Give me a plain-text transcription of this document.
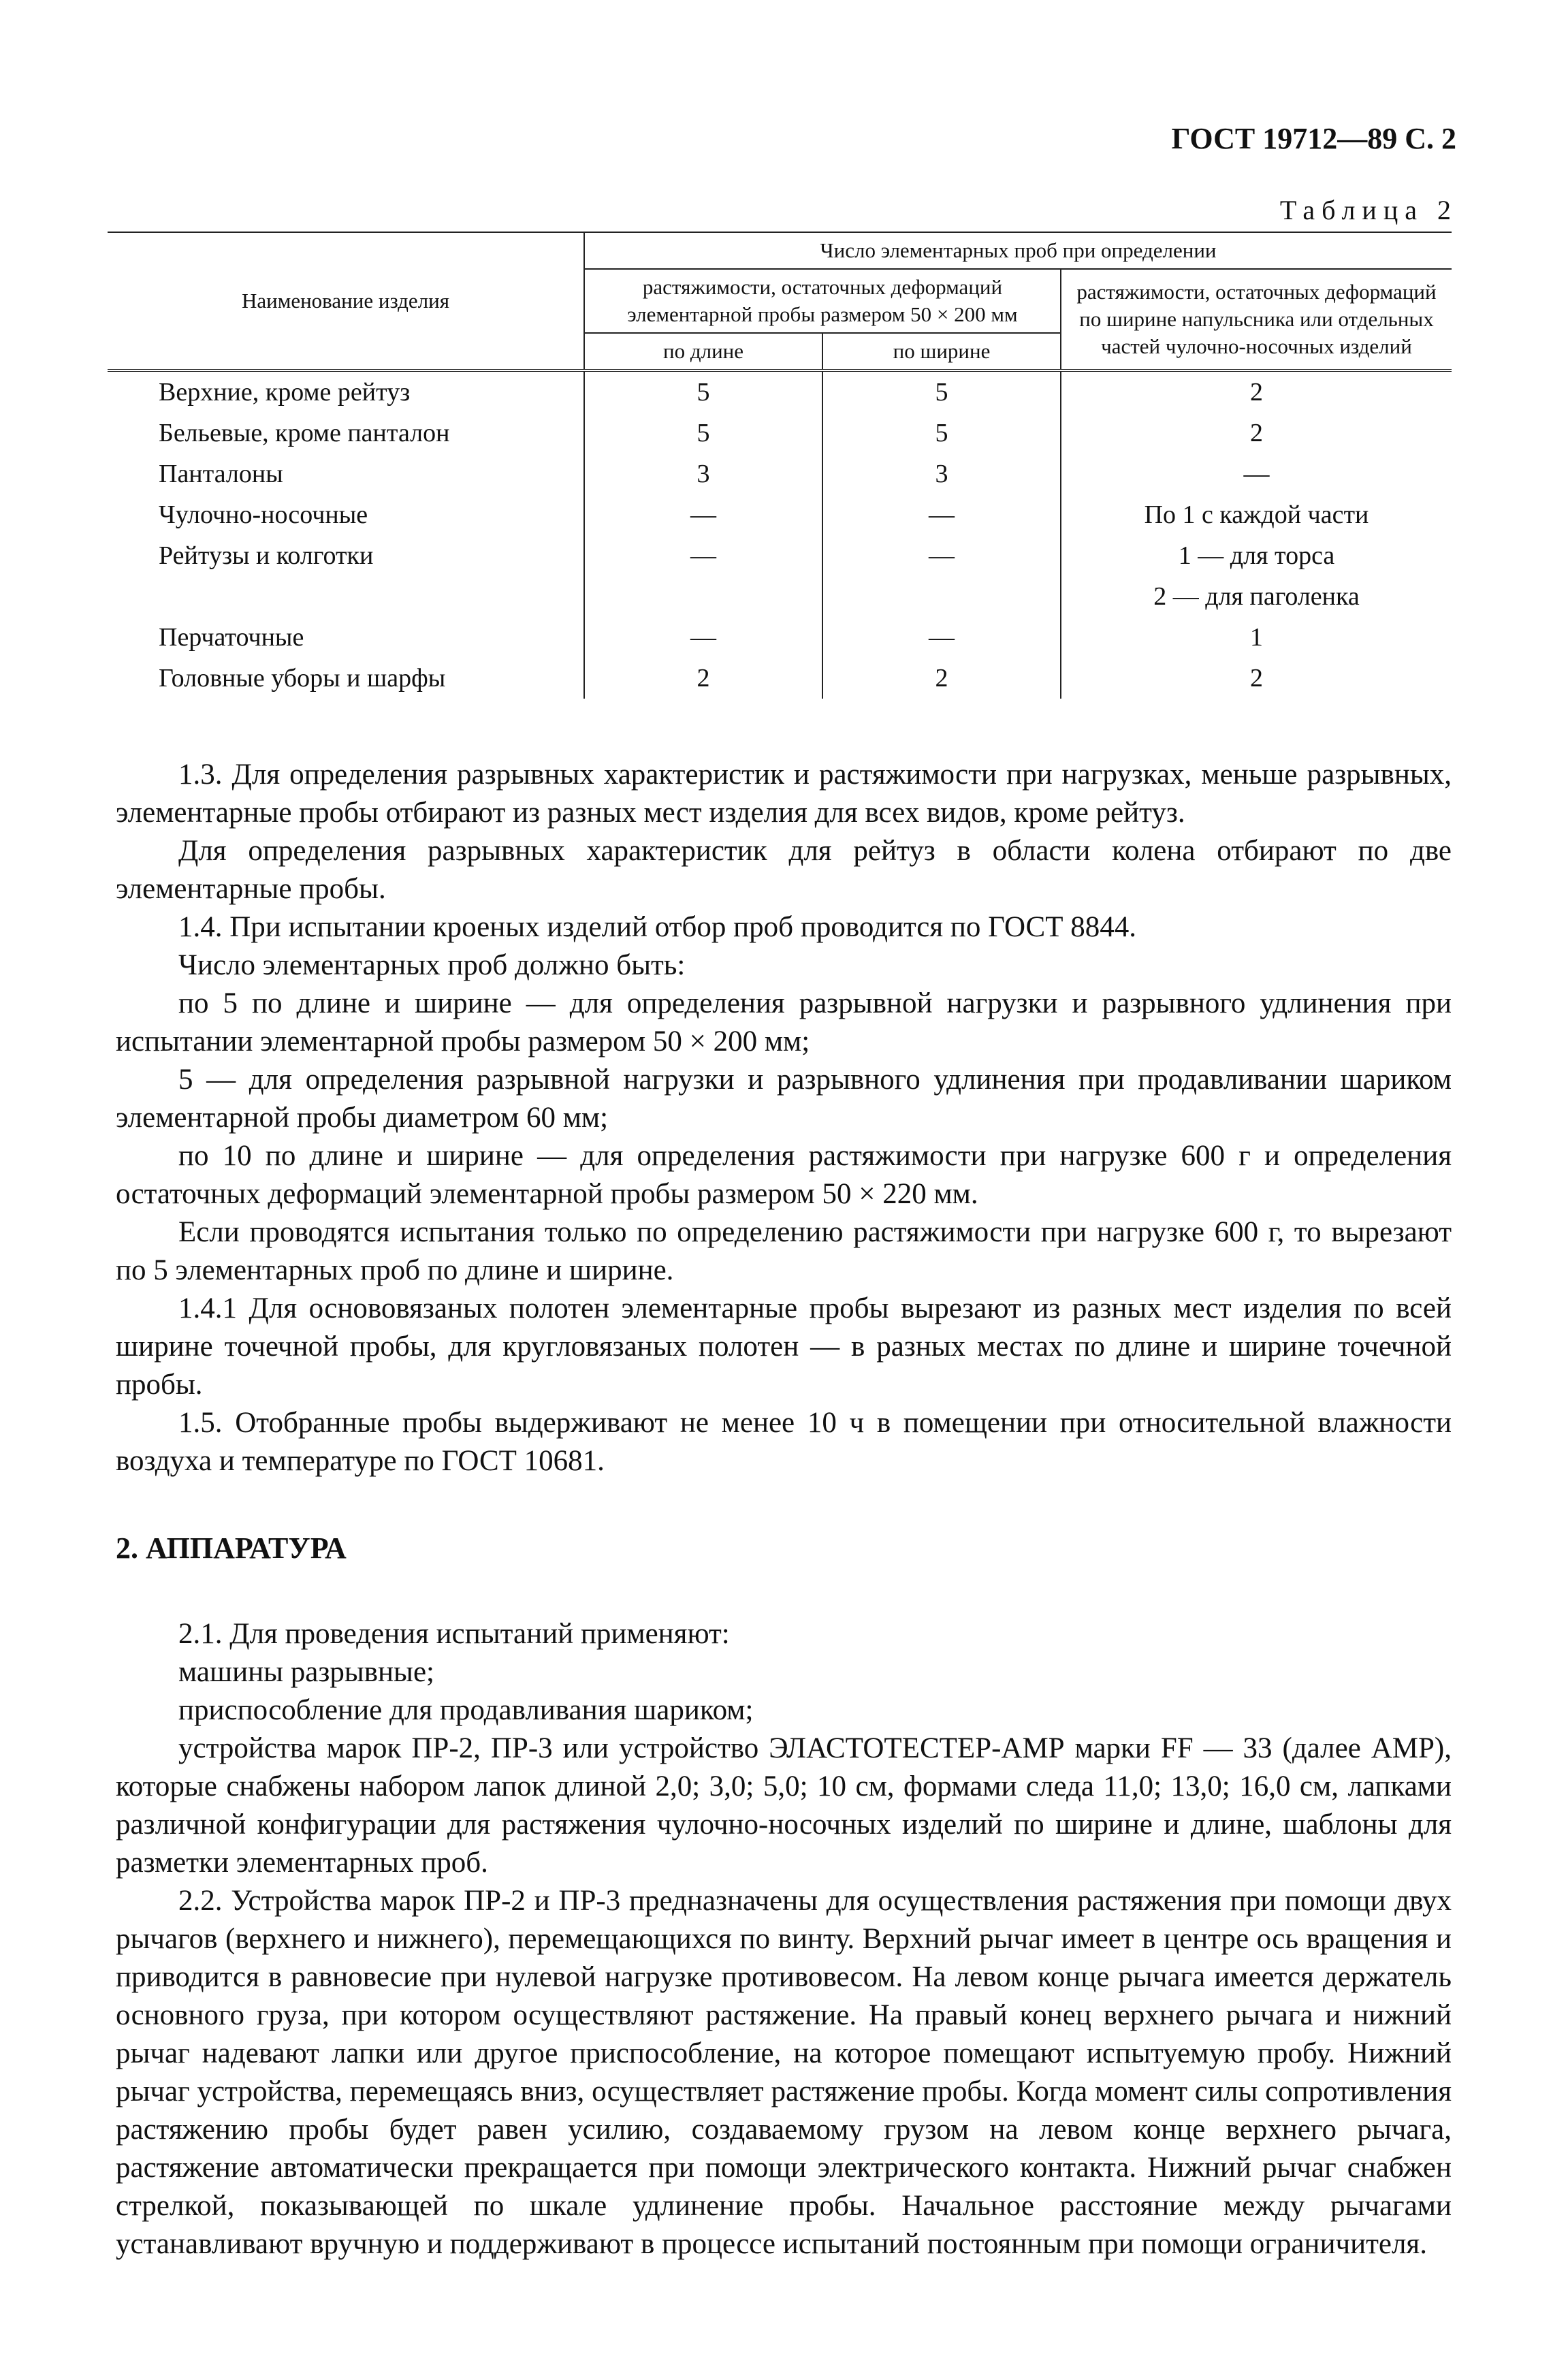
ГОСТ 19712—89 С. 2
Таблица 2
Наименование изделия	Число элементарных проб при определении		
	растяжимости, остаточных деформаций элементарной пробы размером 50 × 200 мм		растяжимости, остаточных деформаций по ширине напульсника или отдельных частей чулочно-носочных изделий
	по длине	по ширине	
Верхние, кроме рейтуз	5	5	2
Бельевые, кроме панталон	5	5	2
Панталоны	3	3	—
Чулочно-носочные	—	—	По 1 с каждой части
Рейтузы и колготки	—	—	1 — для торса
			2 — для паголенка
Перчаточные	—	—	1
Головные уборы и шарфы	2	2	2

1.3. Для определения разрывных характеристик и растяжимости при нагрузках, меньше разрывных, элементарные пробы отбирают из разных мест изделия для всех видов, кроме рейтуз.

Для определения разрывных характеристик для рейтуз в области колена отбирают по две элементарные пробы.

1.4. При испытании кроеных изделий отбор проб проводится по ГОСТ 8844.

Число элементарных проб должно быть:

по 5 по длине и ширине — для определения разрывной нагрузки и разрывного удлинения при испытании элементарной пробы размером 50 × 200 мм;

5 — для определения разрывной нагрузки и разрывного удлинения при продавливании шариком элементарной пробы диаметром 60 мм;

по 10 по длине и ширине — для определения растяжимости при нагрузке 600 г и определения остаточных деформаций элементарной пробы размером 50 × 220 мм.

Если проводятся испытания только по определению растяжимости при нагрузке 600 г, то вырезают по 5 элементарных проб по длине и ширине.

1.4.1 Для основовязаных полотен элементарные пробы вырезают из разных мест изделия по всей ширине точечной пробы, для кругловязаных полотен — в разных местах по длине и ширине точечной пробы.

1.5. Отобранные пробы выдерживают не менее 10 ч в помещении при относительной влажности воздуха и температуре по ГОСТ 10681.

2. АППАРАТУРА

2.1. Для проведения испытаний применяют:

машины разрывные;

приспособление для продавливания шариком;

устройства марок ПР-2, ПР-3 или устройство ЭЛАСТОТЕСТЕР-АМР марки FF — 33 (далее АМР), которые снабжены набором лапок длиной 2,0; 3,0; 5,0; 10 см, формами следа 11,0; 13,0; 16,0 см, лапками различной конфигурации для растяжения чулочно-носочных изделий по ширине и длине, шаблоны для разметки элементарных проб.

2.2. Устройства марок ПР-2 и ПР-3 предназначены для осуществления растяжения при помощи двух рычагов (верхнего и нижнего), перемещающихся по винту. Верхний рычаг имеет в центре ось вращения и приводится в равновесие при нулевой нагрузке противовесом. На левом конце рычага имеется держатель основного груза, при котором осуществляют растяжение. На правый конец верхнего рычага и нижний рычаг надевают лапки или другое приспособление, на которое помещают испытуемую пробу. Нижний рычаг устройства, перемещаясь вниз, осуществляет растяжение пробы. Когда момент силы сопротивления растяжению пробы будет равен усилию, создаваемому грузом на левом конце верхнего рычага, растяжение автоматически прекращается при помощи электрического контакта. Нижний рычаг снабжен стрелкой, показывающей по шкале удлинение пробы. Начальное расстояние между рычагами устанавливают вручную и поддерживают в процессе испытаний постоянным при помощи ограничителя.
